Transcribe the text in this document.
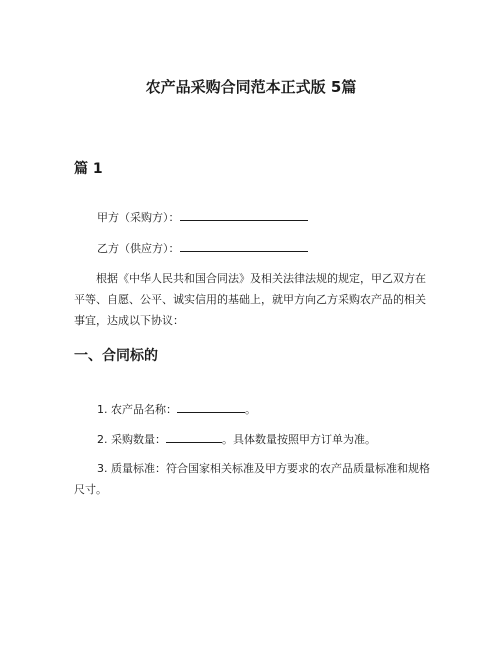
农产品采购合同范本正式版 5篇
篇 1
甲方（采购方）：
乙方（供应方）：
根据《中华人民共和国合同法》及相关法律法规的规定，甲乙双方在平等、自愿、公平、诚实信用的基础上，就甲方向乙方采购农产品的相关事宜，达成以下协议：
一、合同标的
1. 农产品名称：	。
2. 采购数量：	。具体数量按照甲方订单为准。
3. 质量标准：符合国家相关标准及甲方要求的农产品质量标准和规格尺寸。
